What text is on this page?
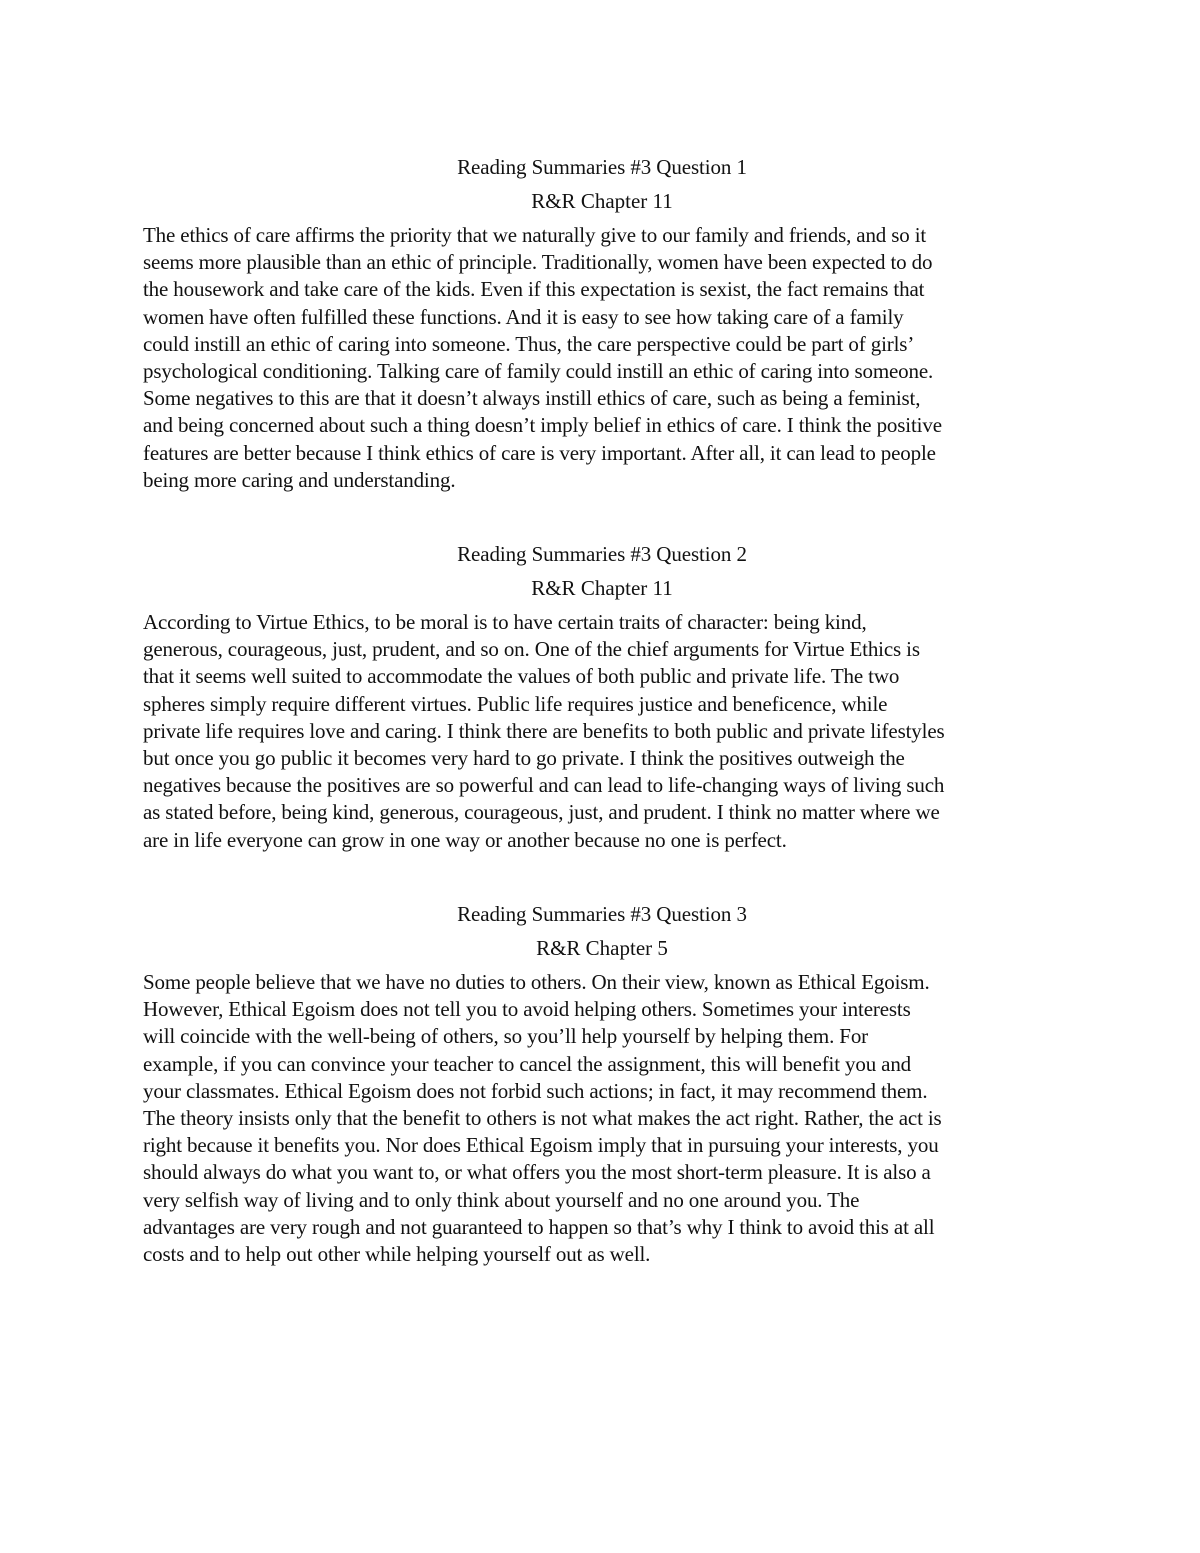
Reading Summaries #3 Question 1
R&R Chapter 11
The ethics of care affirms the priority that we naturally give to our family and friends, and so it
seems more plausible than an ethic of principle. Traditionally, women have been expected to do
the housework and take care of the kids. Even if this expectation is sexist, the fact remains that
women have often fulfilled these functions. And it is easy to see how taking care of a family
could instill an ethic of caring into someone. Thus, the care perspective could be part of girls’
psychological conditioning. Talking care of family could instill an ethic of caring into someone.
Some negatives to this are that it doesn’t always instill ethics of care, such as being a feminist,
and being concerned about such a thing doesn’t imply belief in ethics of care. I think the positive
features are better because I think ethics of care is very important. After all, it can lead to people
being more caring and understanding.
Reading Summaries #3 Question 2
R&R Chapter 11
According to Virtue Ethics, to be moral is to have certain traits of character: being kind,
generous, courageous, just, prudent, and so on. One of the chief arguments for Virtue Ethics is
that it seems well suited to accommodate the values of both public and private life. The two
spheres simply require different virtues. Public life requires justice and beneficence, while
private life requires love and caring. I think there are benefits to both public and private lifestyles
but once you go public it becomes very hard to go private. I think the positives outweigh the
negatives because the positives are so powerful and can lead to life-changing ways of living such
as stated before, being kind, generous, courageous, just, and prudent. I think no matter where we
are in life everyone can grow in one way or another because no one is perfect.
Reading Summaries #3 Question 3
R&R Chapter 5
Some people believe that we have no duties to others. On their view, known as Ethical Egoism.
However, Ethical Egoism does not tell you to avoid helping others. Sometimes your interests
will coincide with the well-being of others, so you’ll help yourself by helping them. For
example, if you can convince your teacher to cancel the assignment, this will benefit you and
your classmates. Ethical Egoism does not forbid such actions; in fact, it may recommend them.
The theory insists only that the benefit to others is not what makes the act right. Rather, the act is
right because it benefits you. Nor does Ethical Egoism imply that in pursuing your interests, you
should always do what you want to, or what offers you the most short-term pleasure. It is also a
very selfish way of living and to only think about yourself and no one around you. The
advantages are very rough and not guaranteed to happen so that’s why I think to avoid this at all
costs and to help out other while helping yourself out as well.
